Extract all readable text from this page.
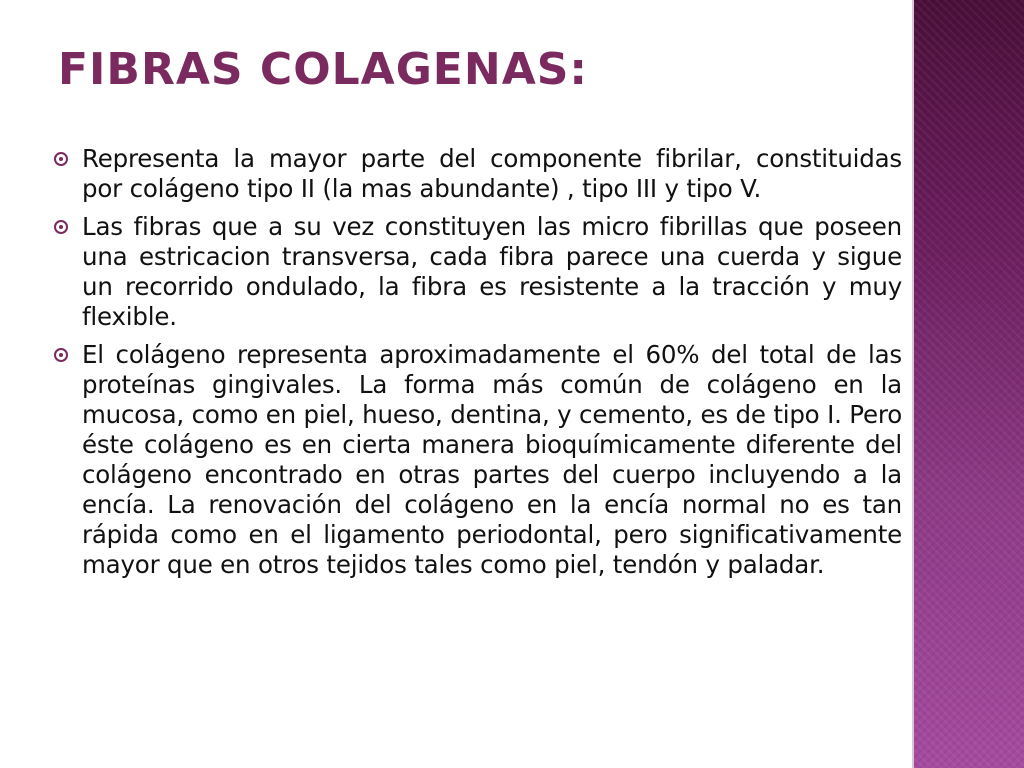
FIBRAS COLAGENAS:
Representa la mayor parte del componente fibrilar, constituidas por colágeno tipo II (la mas abundante) , tipo III y tipo V.
Las fibras que a su vez constituyen las micro fibrillas que poseen una estricacion transversa, cada fibra parece una cuerda y sigue un recorrido ondulado, la fibra es resistente a la tracción y muy flexible.
El colágeno representa aproximadamente el 60% del total de las proteínas gingivales. La forma más común de colágeno en la mucosa, como en piel, hueso, dentina, y cemento, es de tipo I. Pero éste colágeno es en cierta manera bioquímicamente diferente del colágeno encontrado en otras partes del cuerpo incluyendo a la encía. La renovación del colágeno en la encía normal no es tan rápida como en el ligamento periodontal, pero significativamente mayor que en otros tejidos tales como piel, tendón y paladar.
